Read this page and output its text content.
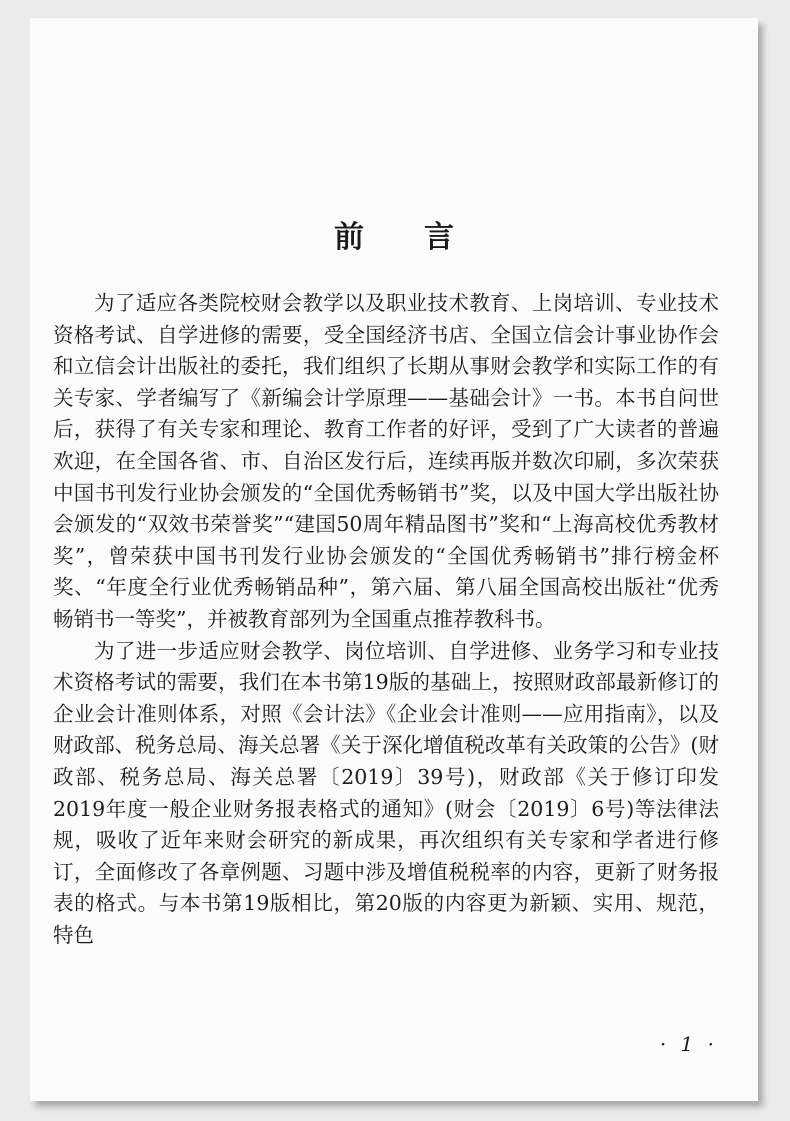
前言

为了适应各类院校财会教学以及职业技术教育、上岗培训、专业技术资格考试、自学进修的需要，受全国经济书店、全国立信会计事业协作会和立信会计出版社的委托，我们组织了长期从事财会教学和实际工作的有关专家、学者编写了《新编会计学原理——基础会计》一书。本书自问世后，获得了有关专家和理论、教育工作者的好评，受到了广大读者的普遍欢迎，在全国各省、市、自治区发行后，连续再版并数次印刷，多次荣获中国书刊发行业协会颁发的“全国优秀畅销书”奖，以及中国大学出版社协会颁发的“双效书荣誉奖”“建国50周年精品图书”奖和“上海高校优秀教材奖”，曾荣获中国书刊发行业协会颁发的“全国优秀畅销书”排行榜金杯奖、“年度全行业优秀畅销品种”，第六届、第八届全国高校出版社“优秀畅销书一等奖”，并被教育部列为全国重点推荐教科书。

为了进一步适应财会教学、岗位培训、自学进修、业务学习和专业技术资格考试的需要，我们在本书第19版的基础上，按照财政部最新修订的企业会计准则体系，对照《会计法》《企业会计准则——应用指南》，以及财政部、税务总局、海关总署《关于深化增值税改革有关政策的公告》(财政部、税务总局、海关总署〔2019〕39号)，财政部《关于修订印发2019年度一般企业财务报表格式的通知》(财会〔2019〕6号)等法律法规，吸收了近年来财会研究的新成果，再次组织有关专家和学者进行修订，全面修改了各章例题、习题中涉及增值税税率的内容，更新了财务报表的格式。与本书第19版相比，第20版的内容更为新颖、实用、规范，特色

· 1 ·
